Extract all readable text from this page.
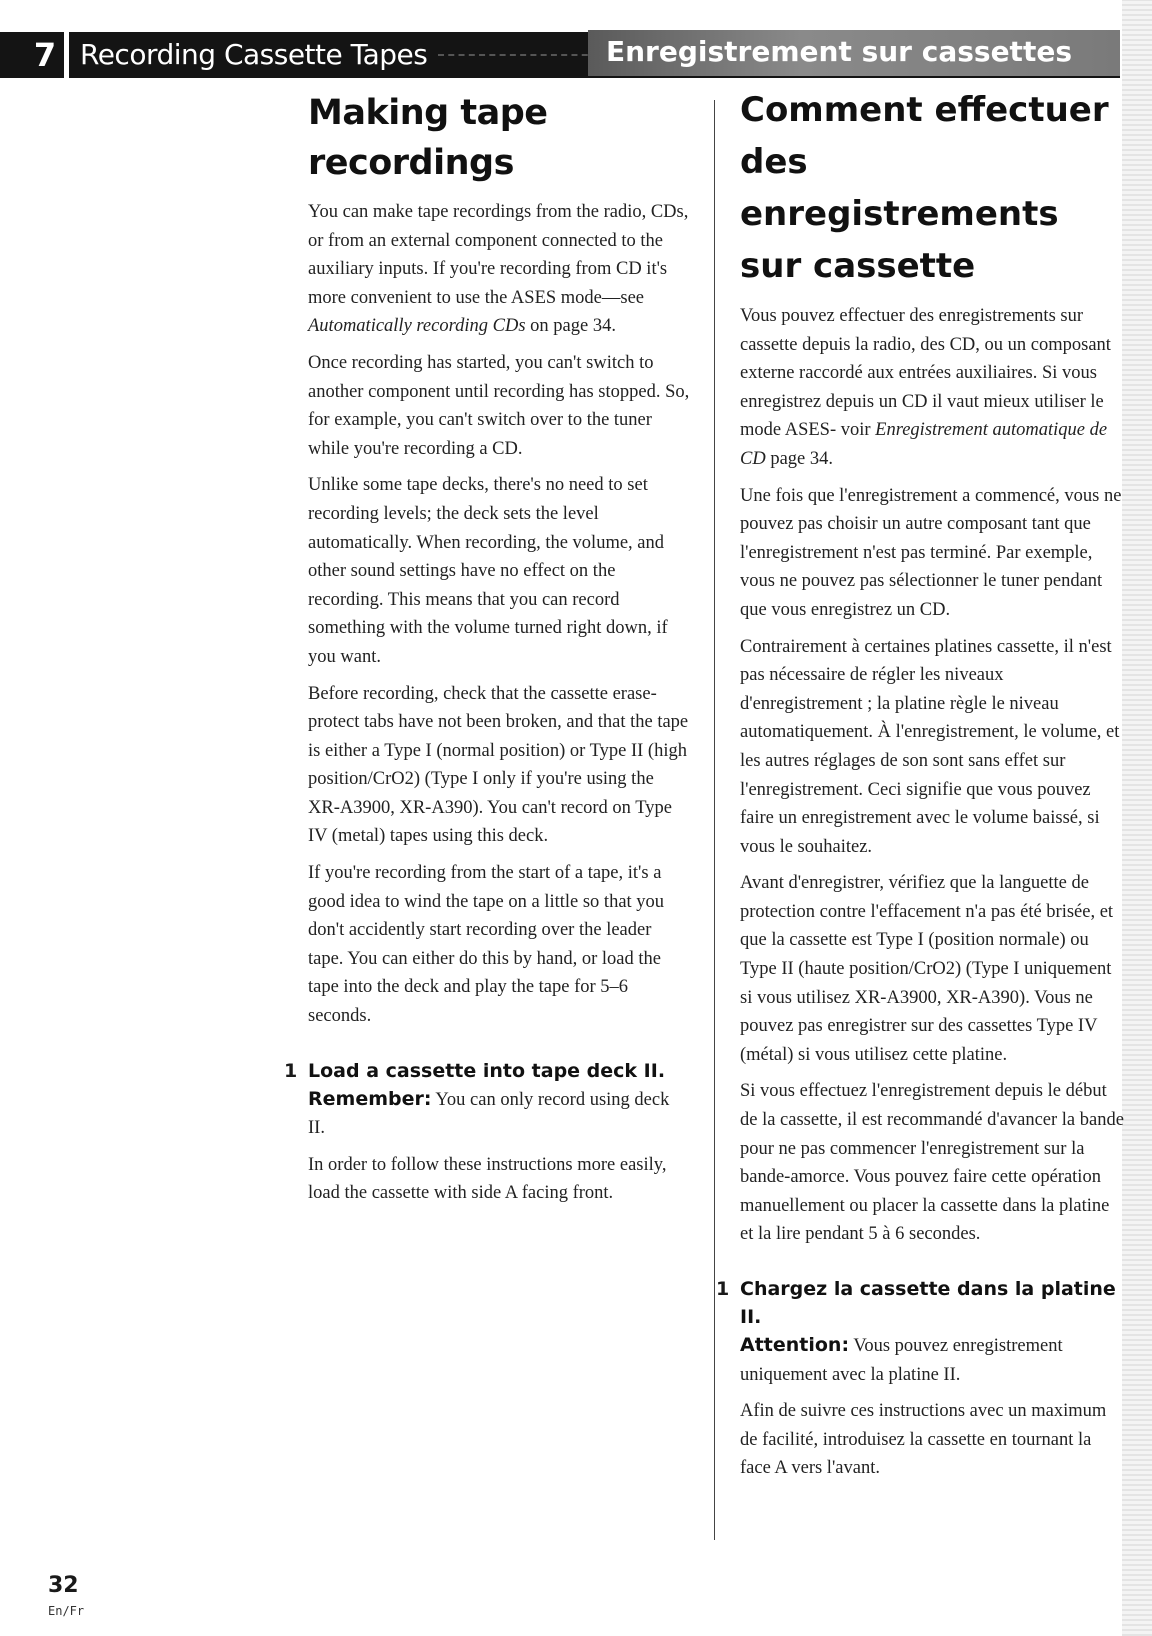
7 Recording Cassette Tapes	Enregistrement sur cassettes
Making tape recordings

You can make tape recordings from the radio, CDs, or from an external component connected to the auxiliary inputs. If you're recording from CD it's more convenient to use the ASES mode—see Automatically recording CDs on page 34.

Once recording has started, you can't switch to another component until recording has stopped. So, for example, you can't switch over to the tuner while you're recording a CD.

Unlike some tape decks, there's no need to set recording levels; the deck sets the level automatically. When recording, the volume, and other sound settings have no effect on the recording. This means that you can record something with the volume turned right down, if you want.

Before recording, check that the cassette erase-protect tabs have not been broken, and that the tape is either a Type I (normal position) or Type II (high position/CrO2) (Type I only if you're using the XR-A3900, XR-A390). You can't record on Type IV (metal) tapes using this deck.

If you're recording from the start of a tape, it's a good idea to wind the tape on a little so that you don't accidently start recording over the leader tape. You can either do this by hand, or load the tape into the deck and play the tape for 5–6 seconds.

1 Load a cassette into tape deck II.
Remember: You can only record using deck II.

In order to follow these instructions more easily, load the cassette with side A facing front.

Comment effectuer des enregistrements sur cassette

Vous pouvez effectuer des enregistrements sur cassette depuis la radio, des CD, ou un composant externe raccordé aux entrées auxiliaires. Si vous enregistrez depuis un CD il vaut mieux utiliser le mode ASES- voir Enregistrement automatique de CD page 34.

Une fois que l'enregistrement a commencé, vous ne pouvez pas choisir un autre composant tant que l'enregistrement n'est pas terminé. Par exemple, vous ne pouvez pas sélectionner le tuner pendant que vous enregistrez un CD.

Contrairement à certaines platines cassette, il n'est pas nécessaire de régler les niveaux d'enregistrement ; la platine règle le niveau automatiquement. À l'enregistrement, le volume, et les autres réglages de son sont sans effet sur l'enregistrement. Ceci signifie que vous pouvez faire un enregistrement avec le volume baissé, si vous le souhaitez.

Avant d'enregistrer, vérifiez que la languette de protection contre l'effacement n'a pas été brisée, et que la cassette est Type I (position normale) ou Type II (haute position/CrO2) (Type I uniquement si vous utilisez XR-A3900, XR-A390). Vous ne pouvez pas enregistrer sur des cassettes Type IV (métal) si vous utilisez cette platine.

Si vous effectuez l'enregistrement depuis le début de la cassette, il est recommandé d'avancer la bande pour ne pas commencer l'enregistrement sur la bande-amorce. Vous pouvez faire cette opération manuellement ou placer la cassette dans la platine et la lire pendant 5 à 6 secondes.

1 Chargez la cassette dans la platine II.
Attention: Vous pouvez enregistrement uniquement avec la platine II.

Afin de suivre ces instructions avec un maximum de facilité, introduisez la cassette en tournant la face A vers l'avant.

32
En/Fr
